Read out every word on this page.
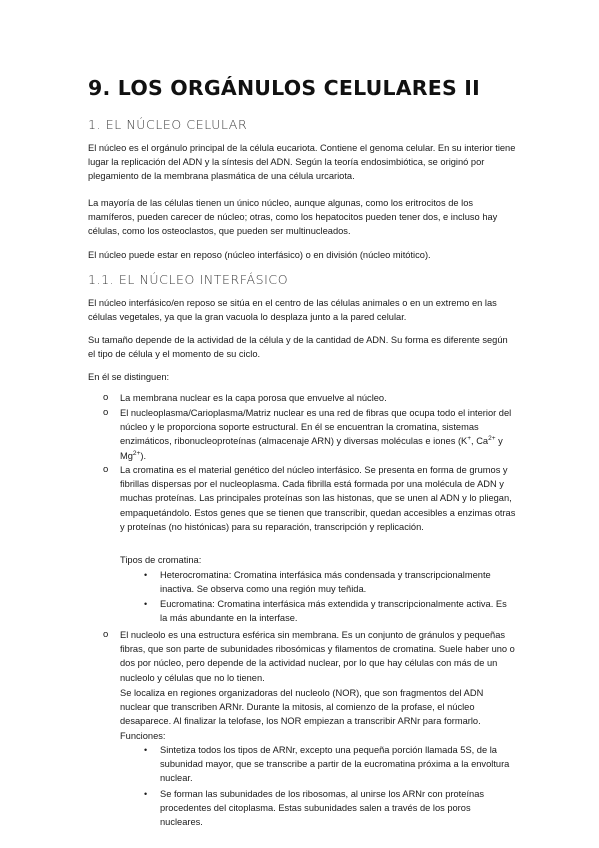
9. LOS ORGÁNULOS CELULARES II
1. EL NÚCLEO CELULAR

El núcleo es el orgánulo principal de la célula eucariota. Contiene el genoma celular. En su interior tiene lugar la replicación del ADN y la síntesis del ADN. Según la teoría endosimbiótica, se originó por plegamiento de la membrana plasmática de una célula urcariota.

La mayoría de las células tienen un único núcleo, aunque algunas, como los eritrocitos de los mamíferos, pueden carecer de núcleo; otras, como los hepatocitos pueden tener dos, e incluso hay células, como los osteoclastos, que pueden ser multinucleados.

El núcleo puede estar en reposo (núcleo interfásico) o en división (núcleo mitótico).

1.1. EL NÚCLEO INTERFÁSICO

El núcleo interfásico/en reposo se sitúa en el centro de las células animales o en un extremo en las células vegetales, ya que la gran vacuola lo desplaza junto a la pared celular.

Su tamaño depende de la actividad de la célula y de la cantidad de ADN. Su forma es diferente según el tipo de célula y el momento de su ciclo.

En él se distinguen:

o La membrana nuclear es la capa porosa que envuelve al núcleo.

o El nucleoplasma/Carioplasma/Matriz nuclear es una red de fibras que ocupa todo el interior del núcleo y le proporciona soporte estructural. En él se encuentran la cromatina, sistemas enzimáticos, ribonucleoproteínas (almacenaje ARN) y diversas moléculas e iones (K+, $Ca^{2+}$ y $Mg^{2+}$).

o La cromatina es el material genético del núcleo interfásico. Se presenta en forma de grumos y fibrillas dispersas por el nucleoplasma. Cada fibrilla está formada por una molécula de ADN y muchas proteínas. Las principales proteínas son las histonas, que se unen al ADN y lo pliegan, empaquetándolo. Estos genes que se tienen que transcribir, quedan accesibles a enzimas otras y proteínas (no histónicas) para su reparación, transcripción y replicación.

Tipos de cromatina:

• Heterocromatina: Cromatina interfásica más condensada y transcripcionalmente inactiva. Se observa como una región muy teñida.

• Eucromatina: Cromatina interfásica más extendida y transcripcionalmente activa. Es la más abundante en la interfase.

o El nucleolo es una estructura esférica sin membrana. Es un conjunto de gránulos y pequeñas fibras, que son parte de subunidades ribosómicas y filamentos de cromatina. Suele haber uno o dos por núcleo, pero depende de la actividad nuclear, por lo que hay células con más de un nucleolo y células que no lo tienen.

Se localiza en regiones organizadoras del nucleolo (NOR), que son fragmentos del ADN nuclear que transcriben ARNr. Durante la mitosis, al comienzo de la profase, el núcleo desaparece. Al finalizar la telofase, los NOR empiezan a transcribir ARNr para formarlo.

Funciones:

• Sintetiza todos los tipos de ARNr, excepto una pequeña porción llamada 5S, de la subunidad mayor, que se transcribe a partir de la eucromatina próxima a la envoltura nuclear.

• Se forman las subunidades de los ribosomas, al unirse los ARNr con proteínas procedentes del citoplasma. Estas subunidades salen a través de los poros nucleares.
